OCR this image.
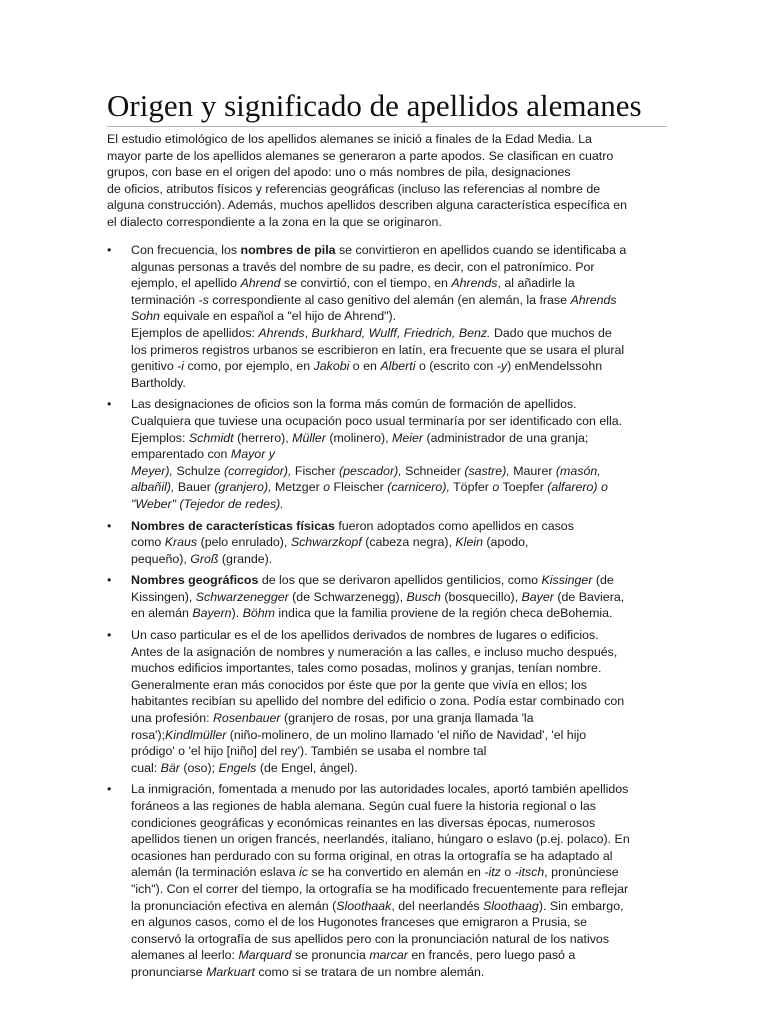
Origen y significado de apellidos alemanes

El estudio etimológico de los apellidos alemanes se inició a finales de la Edad Media. La
mayor parte de los apellidos alemanes se generaron a parte apodos. Se clasifican en cuatro
grupos, con base en el origen del apodo: uno o más nombres de pila, designaciones
de oficios, atributos físicos y referencias geográficas (incluso las referencias al nombre de
alguna construcción). Además, muchos apellidos describen alguna característica específica en
el dialecto correspondiente a la zona en la que se originaron.

• Con frecuencia, los nombres de pila se convirtieron en apellidos cuando se identificaba a
algunas personas a través del nombre de su padre, es decir, con el patronímico. Por
ejemplo, el apellido Ahrend se convirtió, con el tiempo, en Ahrends, al añadirle la
terminación -s correspondiente al caso genitivo del alemán (en alemán, la frase Ahrends
Sohn equivale en español a "el hijo de Ahrend").
Ejemplos de apellidos: Ahrends, Burkhard, Wulff, Friedrich, Benz. Dado que muchos de
los primeros registros urbanos se escribieron en latín, era frecuente que se usara el plural
genitivo -i como, por ejemplo, en Jakobi o en Alberti o (escrito con -y) enMendelssohn
Bartholdy.
• Las designaciones de oficios son la forma más común de formación de apellidos.
Cualquiera que tuviese una ocupación poco usual terminaría por ser identificado con ella.
Ejemplos: Schmidt (herrero), Müller (molinero), Meier (administrador de una granja;
emparentado con Mayor y
Meyer), Schulze (corregidor), Fischer (pescador), Schneider (sastre), Maurer (masón,
albañil), Bauer (granjero), Metzger o Fleischer (carnicero), Töpfer o Toepfer (alfarero) o
"Weber" (Tejedor de redes).
• Nombres de características físicas fueron adoptados como apellidos en casos
como Kraus (pelo enrulado), Schwarzkopf (cabeza negra), Klein (apodo,
pequeño), Groß (grande).
• Nombres geográficos de los que se derivaron apellidos gentilicios, como Kissinger (de
Kissingen), Schwarzenegger (de Schwarzenegg), Busch (bosquecillo), Bayer (de Baviera,
en alemán Bayern). Böhm indica que la familia proviene de la región checa deBohemia.
• Un caso particular es el de los apellidos derivados de nombres de lugares o edificios.
Antes de la asignación de nombres y numeración a las calles, e incluso mucho después,
muchos edificios importantes, tales como posadas, molinos y granjas, tenían nombre.
Generalmente eran más conocidos por éste que por la gente que vivía en ellos; los
habitantes recibían su apellido del nombre del edificio o zona. Podía estar combinado con
una profesión: Rosenbauer (granjero de rosas, por una granja llamada 'la
rosa');Kindlmüller (niño-molinero, de un molino llamado 'el niño de Navidad', 'el hijo
pródigo' o 'el hijo [niño] del rey'). También se usaba el nombre tal
cual: Bär (oso); Engels (de Engel, ángel).
• La inmigración, fomentada a menudo por las autoridades locales, aportó también apellidos
foráneos a las regiones de habla alemana. Según cual fuere la historia regional o las
condiciones geográficas y económicas reinantes en las diversas épocas, numerosos
apellidos tienen un origen francés, neerlandés, italiano, húngaro o eslavo (p.ej. polaco). En
ocasiones han perdurado con su forma original, en otras la ortografía se ha adaptado al
alemán (la terminación eslava ic se ha convertido en alemán en -itz o -itsch, pronúnciese
"ich"). Con el correr del tiempo, la ortografía se ha modificado frecuentemente para reflejar
la pronunciación efectiva en alemán (Sloothaak, del neerlandés Sloothaag). Sin embargo,
en algunos casos, como el de los Hugonotes franceses que emigraron a Prusia, se
conservó la ortografía de sus apellidos pero con la pronunciación natural de los nativos
alemanes al leerlo: Marquard se pronuncia marcar en francés, pero luego pasó a
pronunciarse Markuart como si se tratara de un nombre alemán.
